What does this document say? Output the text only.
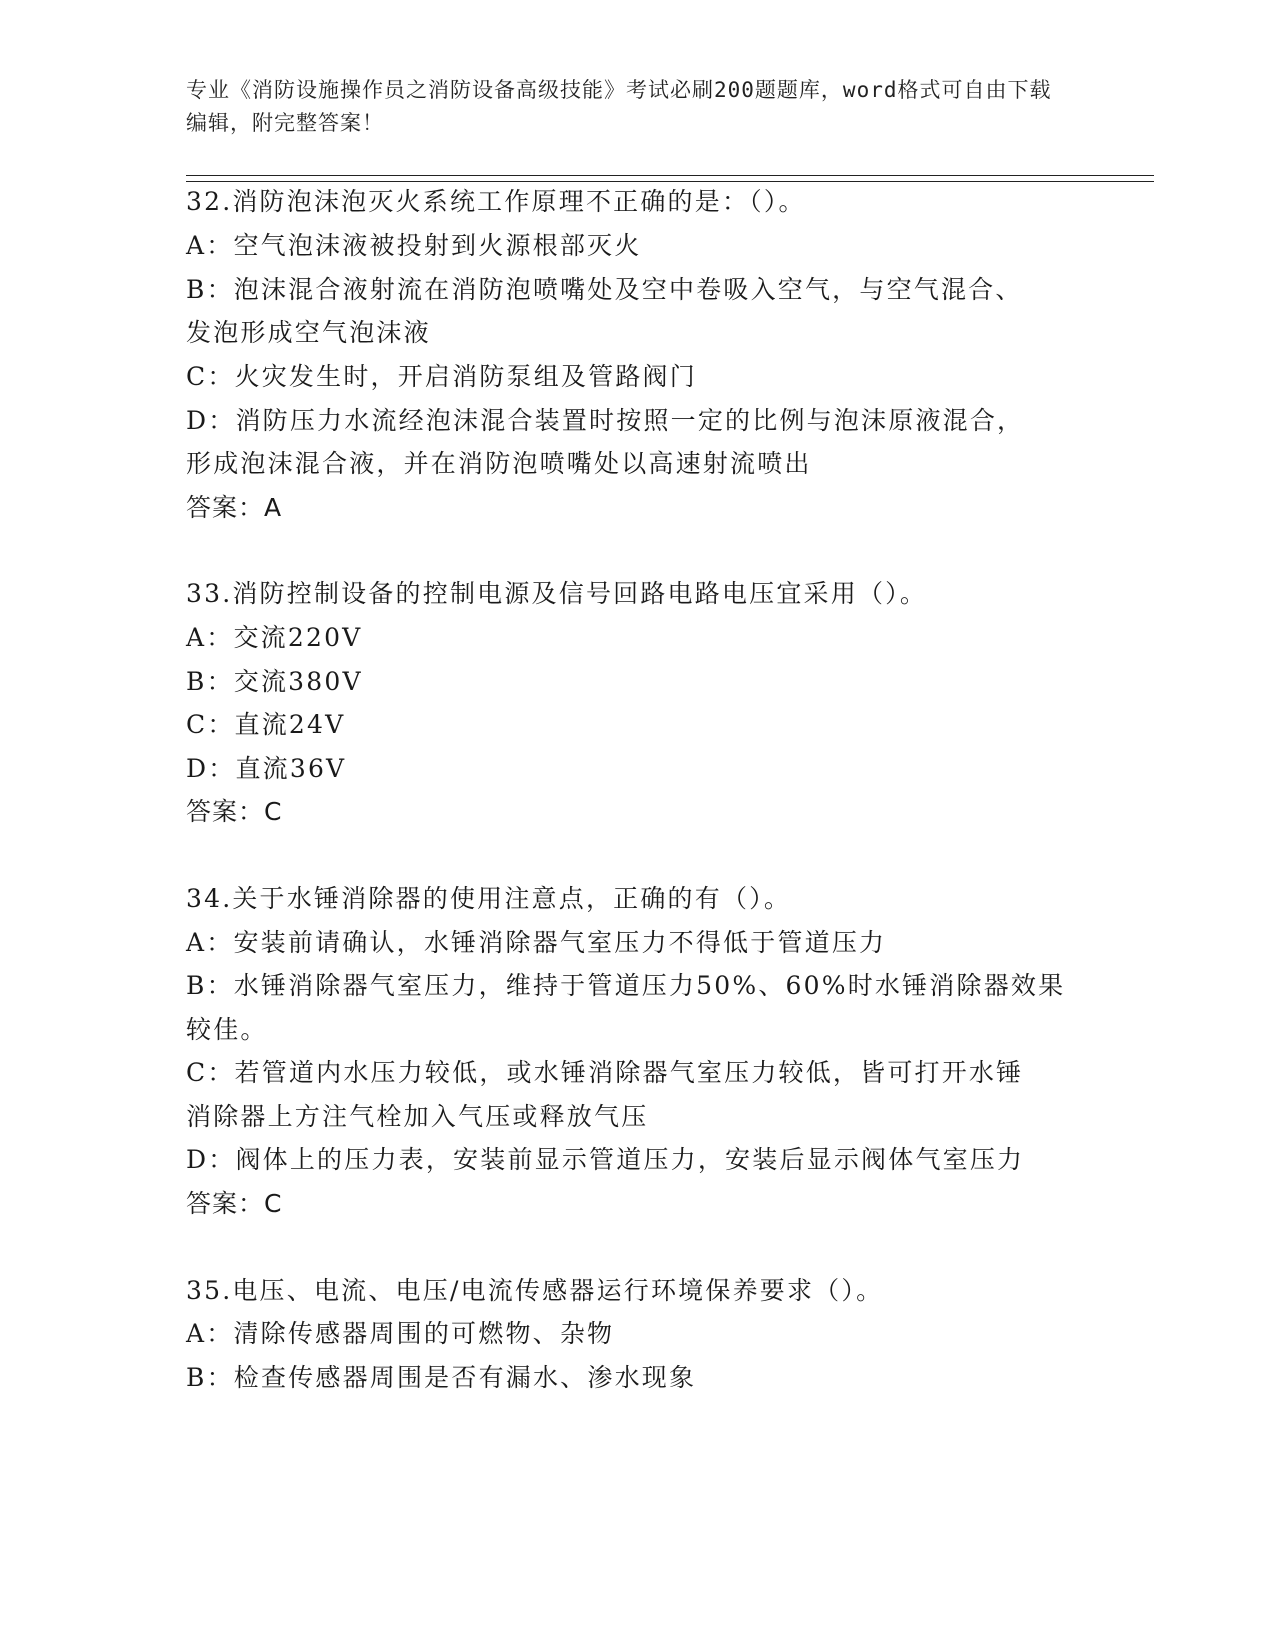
专业《消防设施操作员之消防设备高级技能》考试必刷200题题库，word格式可自由下载编辑，附完整答案！
32.消防泡沫泡灭火系统工作原理不正确的是：（）。
A：空气泡沫液被投射到火源根部灭火
B：泡沫混合液射流在消防泡喷嘴处及空中卷吸入空气，与空气混合、
发泡形成空气泡沫液
C：火灾发生时，开启消防泵组及管路阀门
D：消防压力水流经泡沫混合装置时按照一定的比例与泡沫原液混合，
形成泡沫混合液，并在消防泡喷嘴处以高速射流喷出
答案：A
33.消防控制设备的控制电源及信号回路电路电压宜采用（）。
A：交流220V
B：交流380V
C：直流24V
D：直流36V
答案：C
34.关于水锤消除器的使用注意点，正确的有（）。
A：安装前请确认，水锤消除器气室压力不得低于管道压力
B：水锤消除器气室压力，维持于管道压力50%、60%时水锤消除器效果
较佳。
C：若管道内水压力较低，或水锤消除器气室压力较低，皆可打开水锤
消除器上方注气栓加入气压或释放气压
D：阀体上的压力表，安装前显示管道压力，安装后显示阀体气室压力
答案：C
35.电压、电流、电压/电流传感器运行环境保养要求（）。
A：清除传感器周围的可燃物、杂物
B：检查传感器周围是否有漏水、渗水现象
